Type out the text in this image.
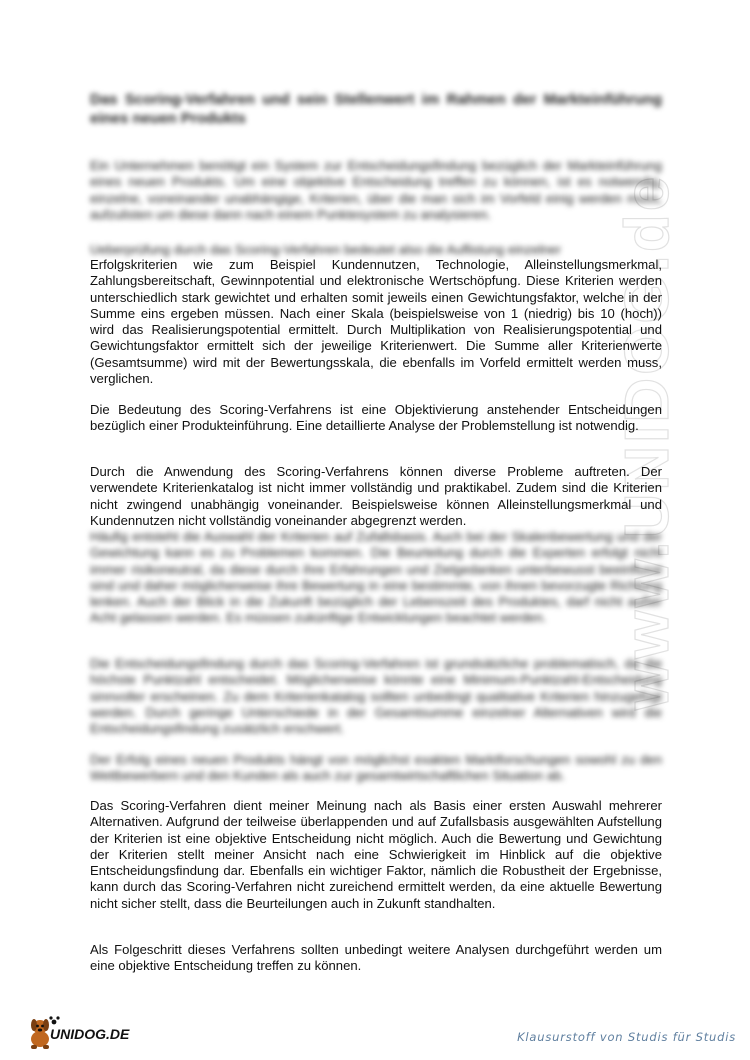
www.UNIDOG.de
Das Scoring-Verfahren und sein Stellenwert im Rahmen der Markteinführung eines neuen Produkts

Ein Unternehmen benötigt ein System zur Entscheidungsfindung bezüglich der Markteinführung eines neuen Produkts. Um eine objektive Entscheidung treffen zu können, ist es notwendig, einzelne, voneinander unabhängige, Kriterien, über die man sich im Vorfeld einig werden muss, aufzulisten um diese dann nach einem Punktesystem zu analysieren.

Ueberprüfung durch das Scoring-Verfahren bedeutet also die Auflistung einzelner

Erfolgskriterien wie zum Beispiel Kundennutzen, Technologie, Alleinstellungsmerkmal, Zahlungsbereitschaft, Gewinnpotential und elektronische Wertschöpfung. Diese Kriterien werden unterschiedlich stark gewichtet und erhalten somit jeweils einen Gewichtungsfaktor, welche in der Summe eins ergeben müssen. Nach einer Skala (beispielsweise von 1 (niedrig) bis 10 (hoch)) wird das Realisierungspotential ermittelt. Durch Multiplikation von Realisierungspotential und Gewichtungsfaktor ermittelt sich der jeweilige Kriterienwert. Die Summe aller Kriterienwerte (Gesamtsumme) wird mit der Bewertungsskala, die ebenfalls im Vorfeld ermittelt werden muss, verglichen.

Die Bedeutung des Scoring-Verfahrens ist eine Objektivierung anstehender Entscheidungen bezüglich einer Produkteinführung. Eine detaillierte Analyse der Problemstellung ist notwendig.

Durch die Anwendung des Scoring-Verfahrens können diverse Probleme auftreten. Der verwendete Kriterienkatalog ist nicht immer vollständig und praktikabel. Zudem sind die Kriterien nicht zwingend unabhängig voneinander. Beispielsweise können Alleinstellungsmerkmal und Kundennutzen nicht vollständig voneinander abgegrenzt werden.

Häufig entsteht die Auswahl der Kriterien auf Zufallsbasis. Auch bei der Skalenbewertung und der Gewichtung kann es zu Problemen kommen. Die Beurteilung durch die Experten erfolgt nicht immer risikoneutral, da diese durch ihre Erfahrungen und Zielgedanken unterbewusst beeinflusst sind und daher möglicherweise ihre Bewertung in eine bestimmte, von ihnen bevorzugte Richtung lenken. Auch der Blick in die Zukunft bezüglich der Lebenszeit des Produktes, darf nicht außer Acht gelassen werden. Es müssen zukünftige Entwicklungen beachtet werden.

Die Entscheidungsfindung durch das Scoring-Verfahren ist grundsätzliche problematisch, da die höchste Punktzahl entscheidet. Möglicherweise könnte eine Minimum-Punktzahl-Entscheidung sinnvoller erscheinen. Zu dem Kriterienkatalog sollten unbedingt qualitative Kriterien hinzugefügt werden. Durch geringe Unterschiede in der Gesamtsumme einzelner Alternativen wird die Entscheidungsfindung zusätzlich erschwert.

Der Erfolg eines neuen Produkts hängt von möglichst exakten Marktforschungen sowohl zu den Wettbewerbern und den Kunden als auch zur gesamtwirtschaftlichen Situation ab.

Das Scoring-Verfahren dient meiner Meinung nach als Basis einer ersten Auswahl mehrerer Alternativen. Aufgrund der teilweise überlappenden und auf Zufallsbasis ausgewählten Aufstellung der Kriterien ist eine objektive Entscheidung nicht möglich. Auch die Bewertung und Gewichtung der Kriterien stellt meiner Ansicht nach eine Schwierigkeit im Hinblick auf die objektive Entscheidungsfindung dar. Ebenfalls ein wichtiger Faktor, nämlich die Robustheit der Ergebnisse, kann durch das Scoring-Verfahren nicht zureichend ermittelt werden, da eine aktuelle Bewertung nicht sicher stellt, dass die Beurteilungen auch in Zukunft standhalten.

Als Folgeschritt dieses Verfahrens sollten unbedingt weitere Analysen durchgeführt werden um eine objektive Entscheidung treffen zu können.

UNIDOG.DE	Klausurstoff von Studis für Studis
